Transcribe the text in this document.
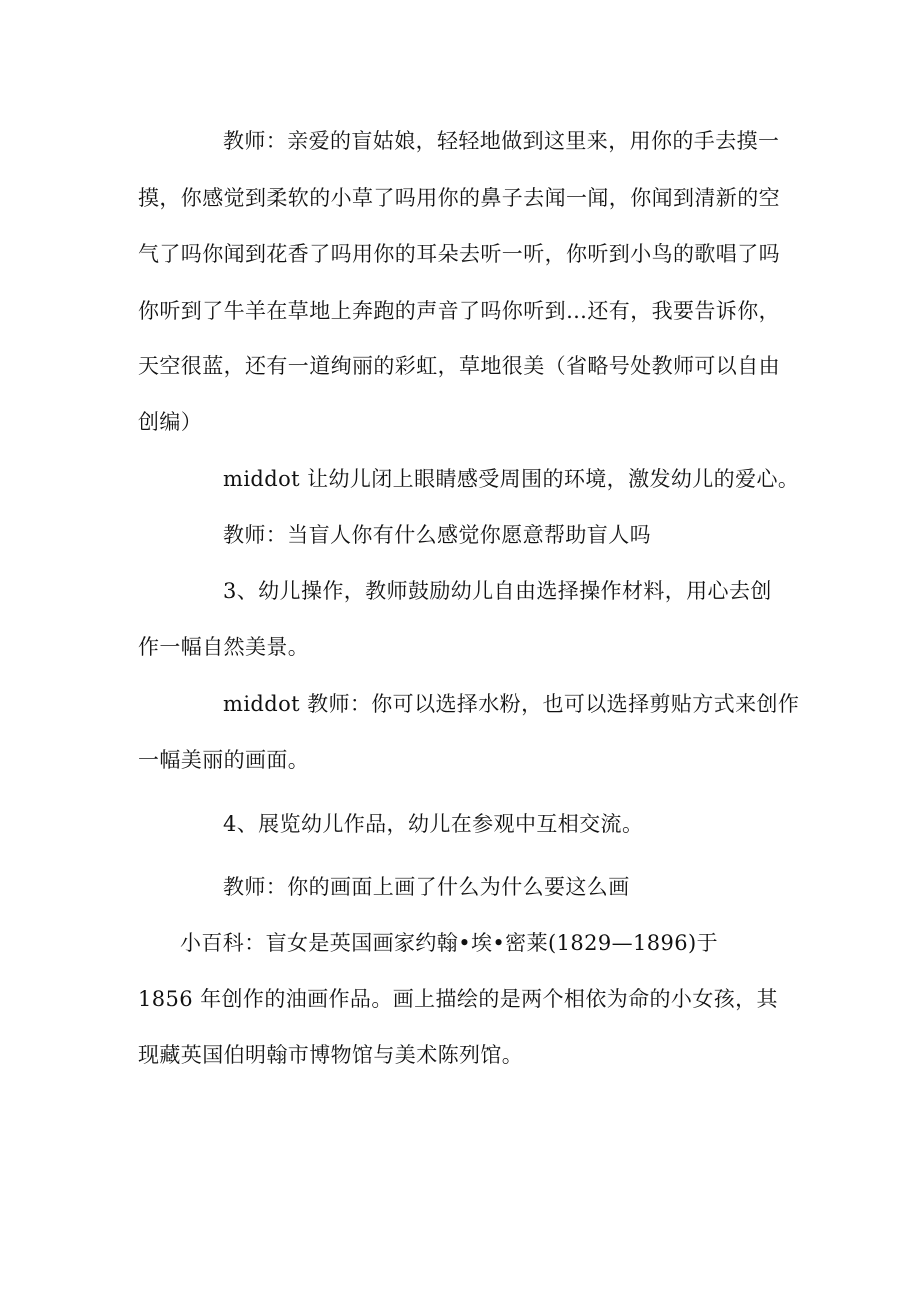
教师：亲爱的盲姑娘，轻轻地做到这里来，用你的手去摸一
摸，你感觉到柔软的小草了吗用你的鼻子去闻一闻，你闻到清新的空
气了吗你闻到花香了吗用你的耳朵去听一听，你听到小鸟的歌唱了吗
你听到了牛羊在草地上奔跑的声音了吗你听到…还有，我要告诉你，
天空很蓝，还有一道绚丽的彩虹，草地很美（省略号处教师可以自由
创编）
middot 让幼儿闭上眼睛感受周围的环境，激发幼儿的爱心。
教师：当盲人你有什么感觉你愿意帮助盲人吗
3、幼儿操作，教师鼓励幼儿自由选择操作材料，用心去创
作一幅自然美景。
middot 教师：你可以选择水粉，也可以选择剪贴方式来创作
一幅美丽的画面。
4、展览幼儿作品，幼儿在参观中互相交流。
教师：你的画面上画了什么为什么要这么画
小百科：盲女是英国画家约翰•埃•密莱(1829—1896)于
1856 年创作的油画作品。画上描绘的是两个相依为命的小女孩，其
现藏英国伯明翰市博物馆与美术陈列馆。
